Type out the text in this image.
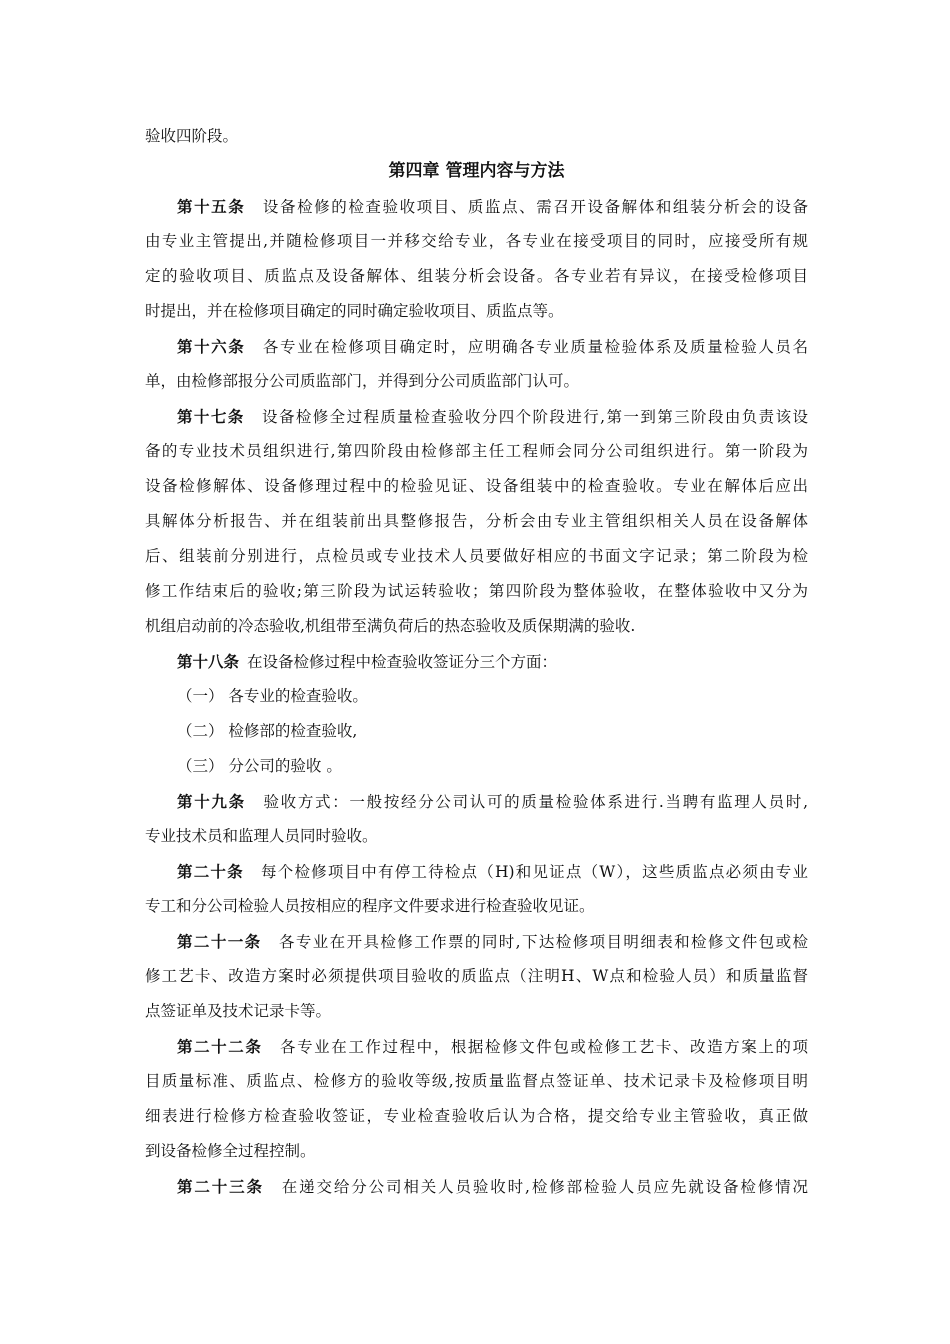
验收四阶段。
第四章 管理内容与方法
第十五条 设备检修的检查验收项目、质监点、需召开设备解体和组装分析会的设备
由专业主管提出,并随检修项目一并移交给专业，各专业在接受项目的同时，应接受所有规
定的验收项目、质监点及设备解体、组装分析会设备。各专业若有异议，在接受检修项目
时提出，并在检修项目确定的同时确定验收项目、质监点等。
第十六条 各专业在检修项目确定时，应明确各专业质量检验体系及质量检验人员名
单，由检修部报分公司质监部门，并得到分公司质监部门认可。
第十七条 设备检修全过程质量检查验收分四个阶段进行,第一到第三阶段由负责该设
备的专业技术员组织进行,第四阶段由检修部主任工程师会同分公司组织进行。第一阶段为
设备检修解体、设备修理过程中的检验见证、设备组装中的检查验收。专业在解体后应出
具解体分析报告、并在组装前出具整修报告，分析会由专业主管组织相关人员在设备解体
后、组装前分别进行，点检员或专业技术人员要做好相应的书面文字记录；第二阶段为检
修工作结束后的验收;第三阶段为试运转验收；第四阶段为整体验收，在整体验收中又分为
机组启动前的冷态验收,机组带至满负荷后的热态验收及质保期满的验收.
第十八条 在设备检修过程中检查验收签证分三个方面：
（一） 各专业的检查验收。
（二） 检修部的检查验收,
（三） 分公司的验收 。
第十九条 验收方式：一般按经分公司认可的质量检验体系进行.当聘有监理人员时,
专业技术员和监理人员同时验收。
第二十条 每个检修项目中有停工待检点（H)和见证点（W），这些质监点必须由专业
专工和分公司检验人员按相应的程序文件要求进行检查验收见证。
第二十一条 各专业在开具检修工作票的同时,下达检修项目明细表和检修文件包或检
修工艺卡、改造方案时必须提供项目验收的质监点（注明H、W点和检验人员）和质量监督
点签证单及技术记录卡等。
第二十二条 各专业在工作过程中，根据检修文件包或检修工艺卡、改造方案上的项
目质量标准、质监点、检修方的验收等级,按质量监督点签证单、技术记录卡及检修项目明
细表进行检修方检查验收签证，专业检查验收后认为合格，提交给专业主管验收，真正做
到设备检修全过程控制。
第二十三条 在递交给分公司相关人员验收时,检修部检验人员应先就设备检修情况
